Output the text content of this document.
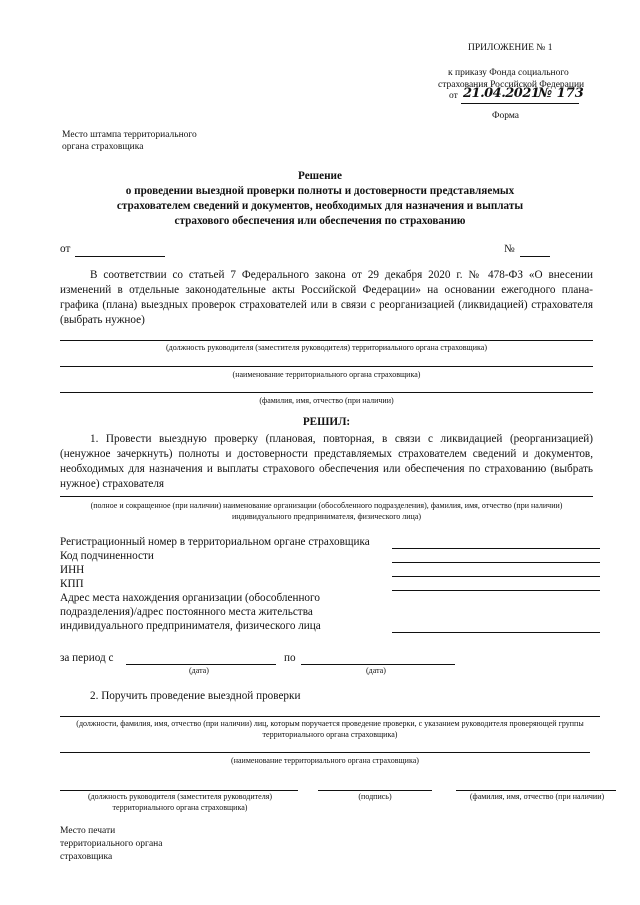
ПРИЛОЖЕНИЕ № 1
к приказу Фонда социального
страхования Российской Федерации
от 21.04.2021
№ 173
Форма
Место штампа территориального
органа страховщика
Решение
о проведении выездной проверки полноты и достоверности представляемых
страхователем сведений и документов, необходимых для назначения и выплаты
страхового обеспечения или обеспечения по страхованию
от	№
В соответствии со статьей 7 Федерального закона от 29 декабря 2020 г. № 478-ФЗ «О внесении изменений в отдельные законодательные акты Российской Федерации» на основании ежегодного плана-графика (плана) выездных проверок страхователей или в связи с реорганизацией (ликвидацией) страхователя (выбрать нужное)
(должность руководителя (заместителя руководителя) территориального органа страховщика)
(наименование территориального органа страховщика)
(фамилия, имя, отчество (при наличии)
РЕШИЛ:
1. Провести выездную проверку (плановая, повторная, в связи с ликвидацией (реорганизацией) (ненужное зачеркнуть) полноты и достоверности представляемых страхователем сведений и документов, необходимых для назначения и выплаты страхового обеспечения или обеспечения по страхованию (выбрать нужное) страхователя
(полное и сокращенное (при наличии) наименование организации (обособленного подразделения), фамилия, имя, отчество (при наличии) индивидуального предпринимателя, физического лица)
Регистрационный номер в территориальном органе страховщика
Код подчиненности
ИНН
КПП
Адрес места нахождения организации (обособленного
подразделения)/адрес постоянного места жительства
индивидуального предпринимателя, физического лица
за период с
(дата)
по
(дата)
2. Поручить проведение выездной проверки
(должности, фамилия, имя, отчество (при наличии) лиц, которым поручается проведение проверки, с указанием руководителя проверяющей группы территориального органа страховщика)
(наименование территориального органа страховщика)
(должность руководителя (заместителя руководителя)
территориального органа страховщика)
(подпись)	(фамилия, имя, отчество (при наличии)
Место печати
территориального органа
страховщика
